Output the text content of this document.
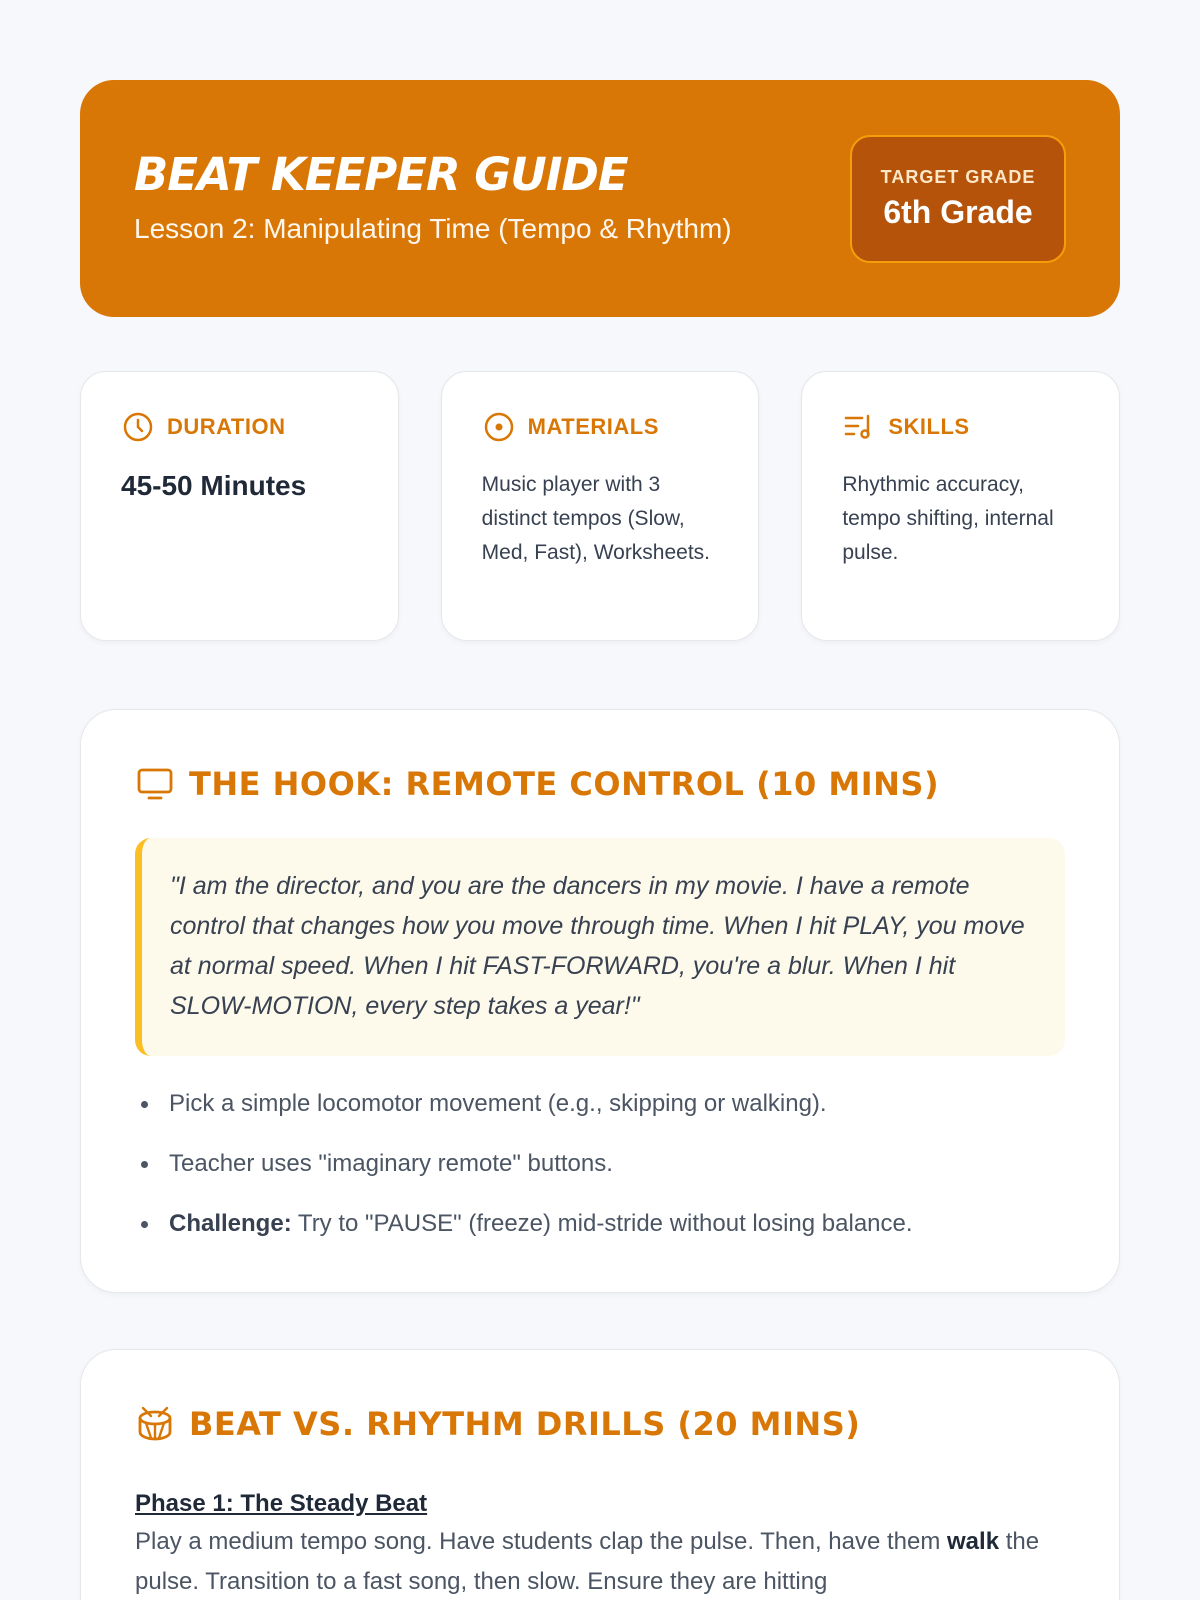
BEAT KEEPER GUIDE
Lesson 2: Manipulating Time (Tempo & Rhythm)
TARGET GRADE
6th Grade
DURATION
45-50 Minutes
MATERIALS
Music player with 3 distinct tempos (Slow, Med, Fast), Worksheets.
SKILLS
Rhythmic accuracy, tempo shifting, internal pulse.
THE HOOK: REMOTE CONTROL (10 MINS)
"I am the director, and you are the dancers in my movie. I have a remote control that changes how you move through time. When I hit PLAY, you move at normal speed. When I hit FAST-FORWARD, you're a blur. When I hit SLOW-MOTION, every step takes a year!"
Pick a simple locomotor movement (e.g., skipping or walking).
Teacher uses "imaginary remote" buttons.
Challenge: Try to "PAUSE" (freeze) mid-stride without losing balance.
BEAT VS. RHYTHM DRILLS (20 MINS)
Phase 1: The Steady Beat
Play a medium tempo song. Have students clap the pulse. Then, have them walk the pulse. Transition to a fast song, then slow. Ensure they are hitting
